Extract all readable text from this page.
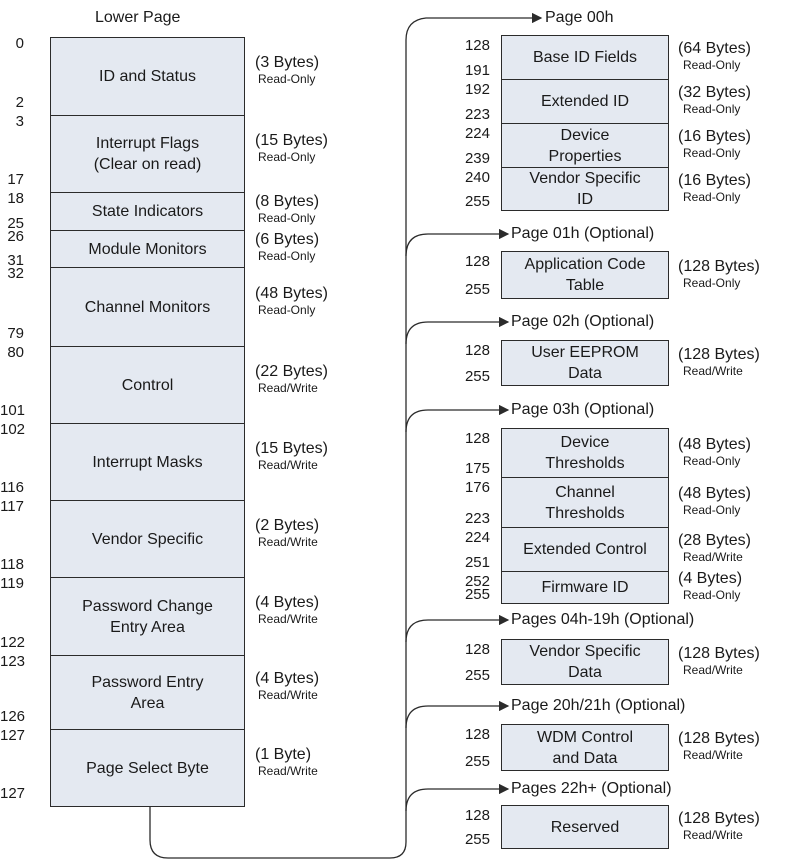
Lower Page
ID and Status
0
2
(3 Bytes)
Read-Only
Interrupt Flags
(Clear on read)
3
17
(15 Bytes)
Read-Only
State Indicators
18
25
(8 Bytes)
Read-Only
Module Monitors
26
31
(6 Bytes)
Read-Only
Channel Monitors
32
79
(48 Bytes)
Read-Only
Control
80
101
(22 Bytes)
Read/Write
Interrupt Masks
102
116
(15 Bytes)
Read/Write
Vendor Specific
117
118
(2 Bytes)
Read/Write
Password Change
Entry Area
119
122
(4 Bytes)
Read/Write
Password Entry
Area
123
126
(4 Bytes)
Read/Write
Page Select Byte
127
127
(1 Byte)
Read/Write
Page 00h
Base ID Fields
128
191
(64 Bytes)
Read-Only
Extended ID
192
223
(32 Bytes)
Read-Only
Device
Properties
224
239
(16 Bytes)
Read-Only
Vendor Specific
ID
240
255
(16 Bytes)
Read-Only
Page 01h (Optional)
Application Code
Table
128
255
(128 Bytes)
Read-Only
Page 02h (Optional)
User EEPROM
Data
128
255
(128 Bytes)
Read/Write
Page 03h (Optional)
Device
Thresholds
128
175
(48 Bytes)
Read-Only
Channel
Thresholds
176
223
(48 Bytes)
Read-Only
Extended Control
224
251
(28 Bytes)
Read/Write
Firmware ID
252
255
(4 Bytes)
Read-Only
Pages 04h-19h (Optional)
Vendor Specific
Data
128
255
(128 Bytes)
Read/Write
Page 20h/21h (Optional)
WDM Control
and Data
128
255
(128 Bytes)
Read/Write
Pages 22h+ (Optional)
Reserved
128
255
(128 Bytes)
Read/Write
